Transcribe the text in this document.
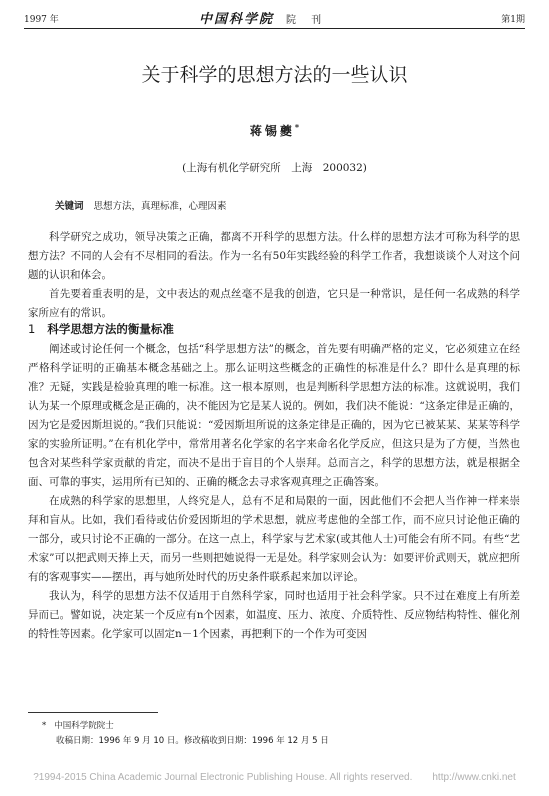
1997 年	中国科学院 院 刊	第1期
关于科学的思想方法的一些认识
蒋锡夔*
(上海有机化学研究所　上海　200032)
关键词 思想方法，真理标准，心理因素

科学研究之成功，领导决策之正确，都离不开科学的思想方法。什么样的思想方法才可称为科学的思想方法？不同的人会有不尽相同的看法。作为一名有50年实践经验的科学工作者，我想谈谈个人对这个问题的认识和体会。

首先要着重表明的是，文中表达的观点丝毫不是我的创造，它只是一种常识，是任何一名成熟的科学家所应有的常识。

1 科学思想方法的衡量标准

阐述或讨论任何一个概念，包括“科学思想方法”的概念，首先要有明确严格的定义，它必须建立在经严格科学证明的正确基本概念基础之上。那么证明这些概念的正确性的标准是什么？即什么是真理的标准？无疑，实践是检验真理的唯一标准。这一根本原则，也是判断科学思想方法的标准。这就说明，我们认为某一个原理或概念是正确的，决不能因为它是某人说的。例如，我们决不能说：“这条定律是正确的，因为它是爱因斯坦说的。”我们只能说：“爱因斯坦所说的这条定律是正确的，因为它已被某某、某某等科学家的实验所证明。”在有机化学中，常常用著名化学家的名字来命名化学反应，但这只是为了方便，当然也包含对某些科学家贡献的肯定，而决不是出于盲目的个人崇拜。总而言之，科学的思想方法，就是根据全面、可靠的事实，运用所有已知的、正确的概念去寻求客观真理之正确答案。

在成熟的科学家的思想里，人终究是人，总有不足和局限的一面，因此他们不会把人当作神一样来崇拜和盲从。比如，我们看待或估价爱因斯坦的学术思想，就应考虑他的全部工作，而不应只讨论他正确的一部分，或只讨论不正确的一部分。在这一点上，科学家与艺术家(或其他人士)可能会有所不同。有些“艺术家”可以把武则天捧上天，而另一些则把她说得一无是处。科学家则会认为：如要评价武则天，就应把所有的客观事实——摆出，再与她所处时代的历史条件联系起来加以评论。

我认为，科学的思想方法不仅适用于自然科学家，同时也适用于社会科学家。只不过在难度上有所差异而已。譬如说，决定某一个反应有n个因素，如温度、压力、浓度、介质特性、反应物结构特性、催化剂的特性等因素。化学家可以固定n－1个因素，再把剩下的一个作为可变因

* 中国科学院院士
收稿日期：1996 年 9 月 10 日。修改稿收到日期：1996 年 12 月 5 日
?1994-2015 China Academic Journal Electronic Publishing House. All rights reserved.　　http://www.cnki.net
